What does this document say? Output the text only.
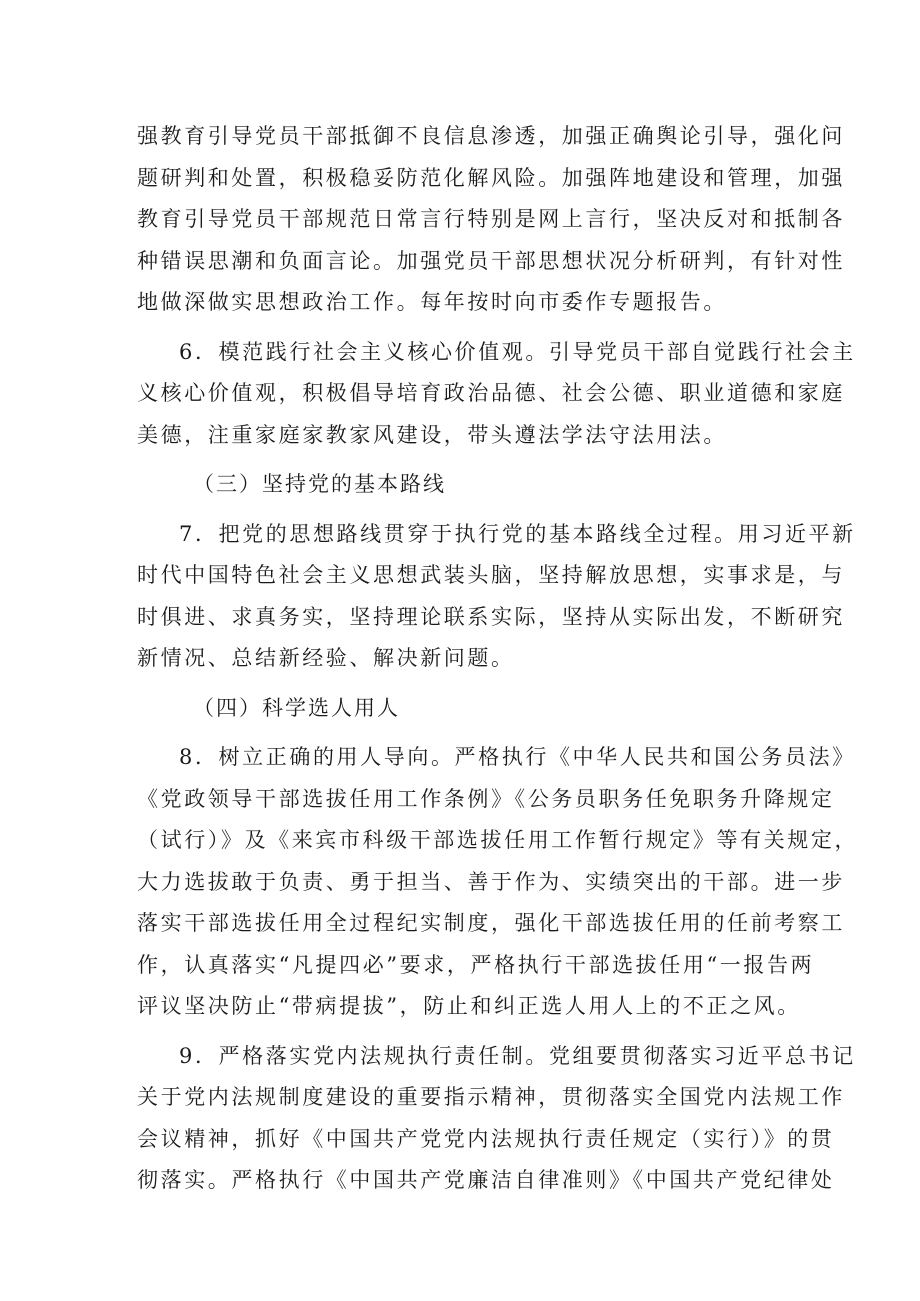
强教育引导党员干部抵御不良信息渗透，加强正确舆论引导，强化问
题研判和处置，积极稳妥防范化解风险。加强阵地建设和管理，加强
教育引导党员干部规范日常言行特别是网上言行，坚决反对和抵制各
种错误思潮和负面言论。加强党员干部思想状况分析研判，有针对性
地做深做实思想政治工作。每年按时向市委作专题报告。
6．模范践行社会主义核心价值观。引导党员干部自觉践行社会主
义核心价值观，积极倡导培育政治品德、社会公德、职业道德和家庭
美德，注重家庭家教家风建设，带头遵法学法守法用法。
（三）坚持党的基本路线
7．把党的思想路线贯穿于执行党的基本路线全过程。用习近平新
时代中国特色社会主义思想武装头脑，坚持解放思想，实事求是，与
时俱进、求真务实，坚持理论联系实际，坚持从实际出发，不断研究
新情况、总结新经验、解决新问题。
（四）科学选人用人
8．树立正确的用人导向。严格执行《中华人民共和国公务员法》
《党政领导干部选拔任用工作条例》《公务员职务任免职务升降规定
（试行）》及《来宾市科级干部选拔任用工作暂行规定》等有关规定，
大力选拔敢于负责、勇于担当、善于作为、实绩突出的干部。进一步
落实干部选拔任用全过程纪实制度，强化干部选拔任用的任前考察工
作，认真落实“凡提四必”要求，严格执行干部选拔任用“一报告两
评议坚决防止“带病提拔”，防止和纠正选人用人上的不正之风。
9．严格落实党内法规执行责任制。党组要贯彻落实习近平总书记
关于党内法规制度建设的重要指示精神，贯彻落实全国党内法规工作
会议精神，抓好《中国共产党党内法规执行责任规定（实行）》的贯
彻落实。严格执行《中国共产党廉洁自律准则》《中国共产党纪律处
